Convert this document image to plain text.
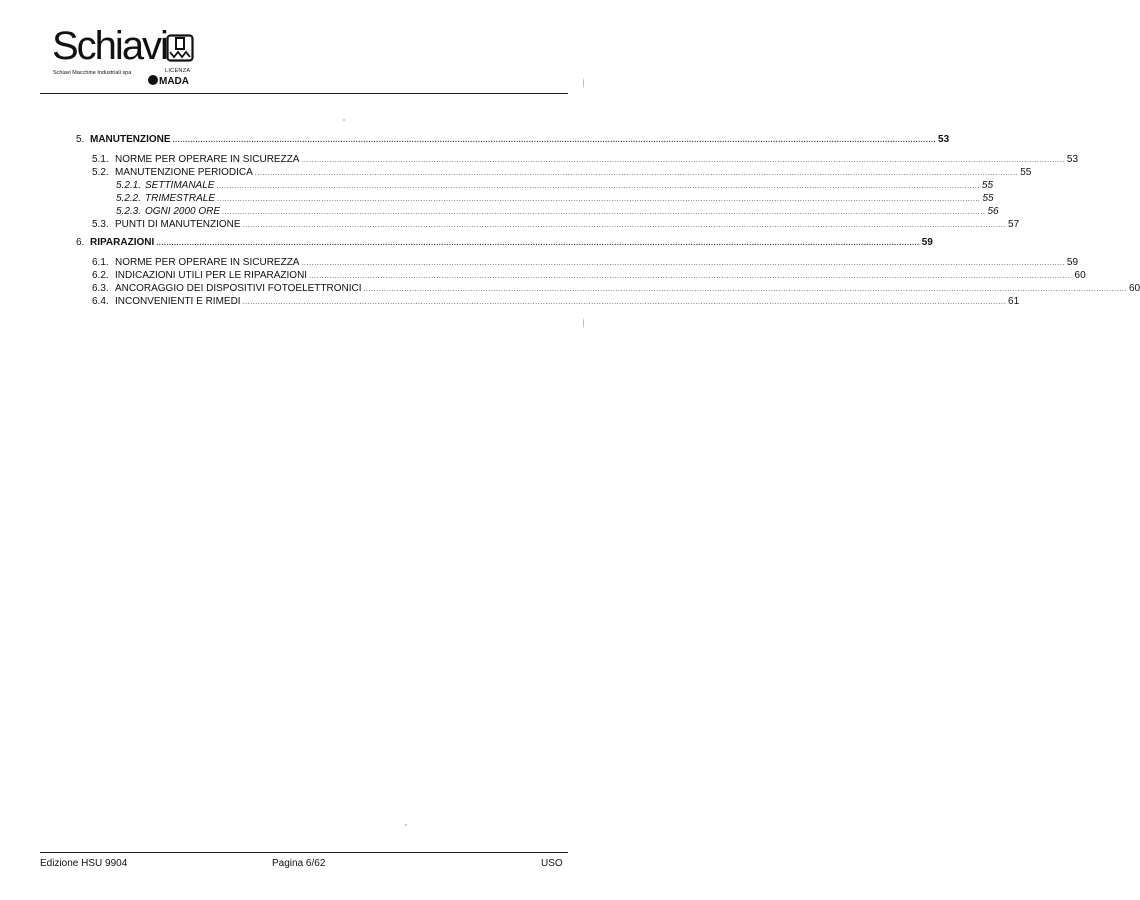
Schiavi
Schiavi Macchine Industriali spa	LICENZA
MADA
5. MANUTENZIONE ............................................................................................................................................................................................................................................................................................................ 53
5.1. NORME PER OPERARE IN SICUREZZA ............................................................................................................................................................................................................................................................................................................ 53
5.2. MANUTENZIONE PERIODICA ............................................................................................................................................................................................................................................................................................................ 55
5.2.1. SETTIMANALE ............................................................................................................................................................................................................................................................................................................ 55
5.2.2. TRIMESTRALE ............................................................................................................................................................................................................................................................................................................ 55
5.2.3. OGNI 2000 ORE ............................................................................................................................................................................................................................................................................................................ 56
5.3. PUNTI DI MANUTENZIONE ............................................................................................................................................................................................................................................................................................................ 57
6. RIPARAZIONI ............................................................................................................................................................................................................................................................................................................ 59
6.1. NORME PER OPERARE IN SICUREZZA ............................................................................................................................................................................................................................................................................................................ 59
6.2. INDICAZIONI UTILI PER LE RIPARAZIONI ............................................................................................................................................................................................................................................................................................................ 60
6.3. ANCORAGGIO DEI DISPOSITIVI FOTOELETTRONICI ............................................................................................................................................................................................................................................................................................................ 60
6.4. INCONVENIENTI E RIMEDI ............................................................................................................................................................................................................................................................................................................ 61
Edizione HSU 9904	Pagina 6/62	USO
